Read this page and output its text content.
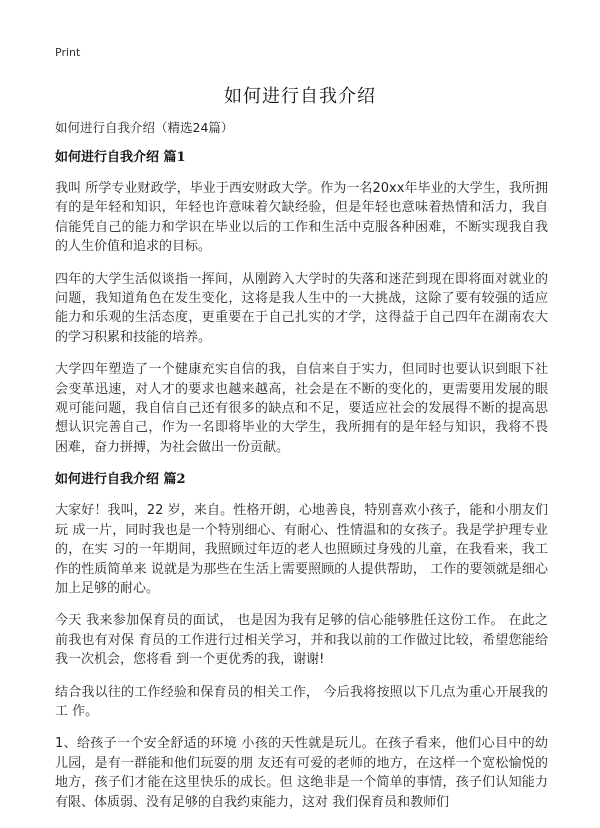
Print
如何进行自我介绍

如何进行自我介绍（精选24篇）

如何进行自我介绍 篇1

我叫 所学专业财政学，毕业于西安财政大学。作为一名20xx年毕业的大学生，我所拥有的是年轻和知识，年轻也许意味着欠缺经验，但是年轻也意味着热情和活力，我自信能凭自己的能力和学识在毕业以后的工作和生活中克服各种困难，不断实现我自我的人生价值和追求的目标。

四年的大学生活似谈指一挥间，从刚跨入大学时的失落和迷茫到现在即将面对就业的问题，我知道角色在发生变化，这将是我人生中的一大挑战，这除了要有较强的适应能力和乐观的生活态度，更重要在于自己扎实的才学，这得益于自己四年在湖南农大的学习积累和技能的培养。

大学四年塑造了一个健康充实自信的我，自信来自于实力，但同时也要认识到眼下社会变革迅速，对人才的要求也越来越高，社会是在不断的变化的，更需要用发展的眼观可能问题，我自信自己还有很多的缺点和不足，要适应社会的发展得不断的提高思想认识完善自己，作为一名即将毕业的大学生，我所拥有的是年轻与知识，我将不畏困难，奋力拼搏，为社会做出一份贡献。

如何进行自我介绍 篇2

大家好！我叫，22 岁，来自。性格开朗，心地善良，特别喜欢小孩子，能和小朋友们玩 成一片，同时我也是一个特别细心、有耐心、性情温和的女孩子。我是学护理专业的，在实 习的一年期间，我照顾过年迈的老人也照顾过身残的儿童，在我看来，我工作的性质简单来 说就是为那些在生活上需要照顾的人提供帮助， 工作的要领就是细心加上足够的耐心。

今天 我来参加保育员的面试， 也是因为我有足够的信心能够胜任这份工作。 在此之前我也有对保 育员的工作进行过相关学习，并和我以前的工作做过比较，希望您能给我一次机会，您将看 到一个更优秀的我，谢谢!

结合我以往的工作经验和保育员的相关工作， 今后我将按照以下几点为重心开展我的工 作。

1、给孩子一个安全舒适的环境 小孩的天性就是玩儿。在孩子看来，他们心目中的幼儿园，是有一群能和他们玩耍的朋 友还有可爱的老师的地方，在这样一个宽松愉悦的地方，孩子们才能在这里快乐的成长。但 这绝非是一个简单的事情，孩子们认知能力有限、体质弱、没有足够的自我约束能力，这对 我们保育员和教师们
